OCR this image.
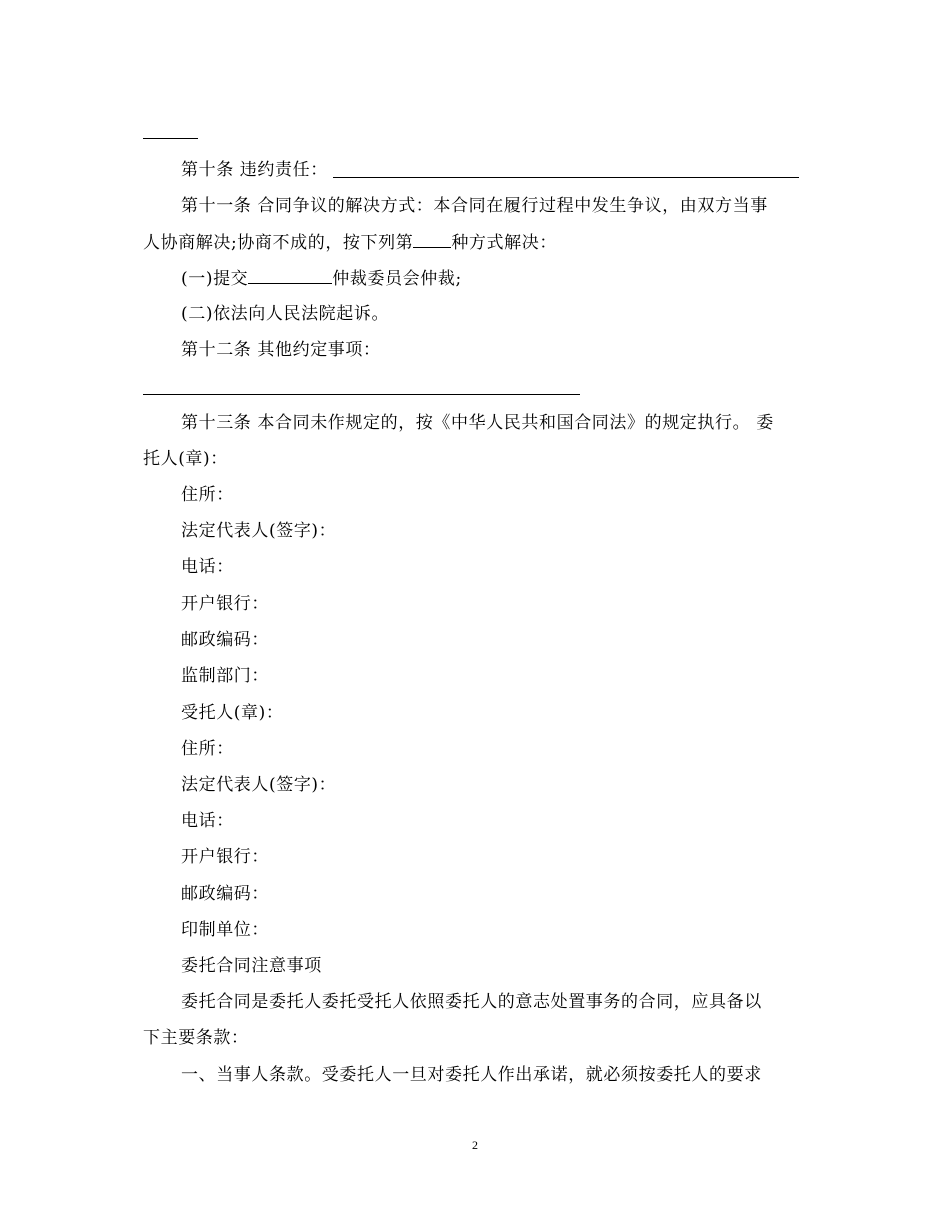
第十条 违约责任：
第十一条 合同争议的解决方式：本合同在履行过程中发生争议，由双方当事
人协商解决;协商不成的，按下列第 种方式解决：
(一)提交	仲裁委员会仲裁;
(二)依法向人民法院起诉。
第十二条 其他约定事项：
第十三条 本合同未作规定的，按《中华人民共和国合同法》的规定执行。 委
托人(章)：
住所：
法定代表人(签字)：
电话：
开户银行：
邮政编码：
监制部门：
受托人(章)：
住所：
法定代表人(签字)：
电话：
开户银行：
邮政编码：
印制单位：
委托合同注意事项
委托合同是委托人委托受托人依照委托人的意志处置事务的合同，应具备以
下主要条款：
一、当事人条款。受委托人一旦对委托人作出承诺，就必须按委托人的要求
2
